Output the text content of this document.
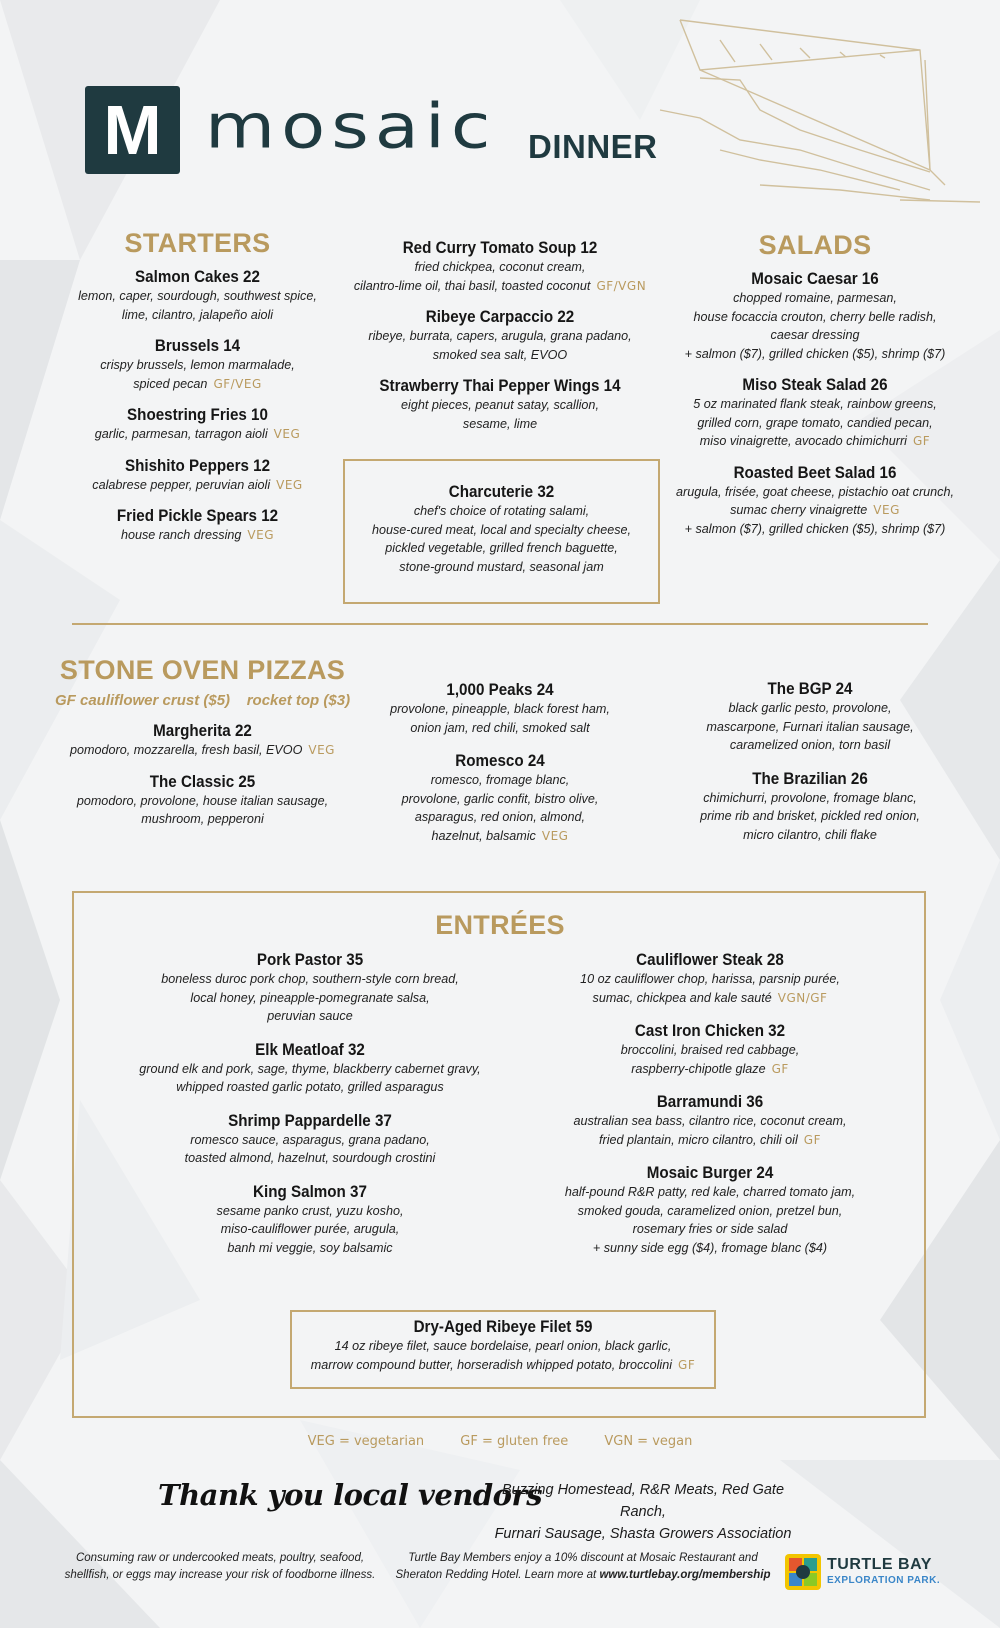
M mosaic DINNER
STARTERS
Salmon Cakes 22
lemon, caper, sourdough, southwest spice,
lime, cilantro, jalapeño aioli
Brussels 14
crispy brussels, lemon marmalade,
spiced pecan GF/VEG
Shoestring Fries 10
garlic, parmesan, tarragon aioli VEG
Shishito Peppers 12
calabrese pepper, peruvian aioli VEG
Fried Pickle Spears 12
house ranch dressing VEG
Red Curry Tomato Soup 12
fried chickpea, coconut cream,
cilantro-lime oil, thai basil, toasted coconut GF/VGN
Ribeye Carpaccio 22
ribeye, burrata, capers, arugula, grana padano,
smoked sea salt, EVOO
Strawberry Thai Pepper Wings 14
eight pieces, peanut satay, scallion,
sesame, lime
Charcuterie 32
chef's choice of rotating salami,
house-cured meat, local and specialty cheese,
pickled vegetable, grilled french baguette,
stone-ground mustard, seasonal jam
SALADS
Mosaic Caesar 16
chopped romaine, parmesan,
house focaccia crouton, cherry belle radish,
caesar dressing
+ salmon ($7), grilled chicken ($5), shrimp ($7)
Miso Steak Salad 26
5 oz marinated flank steak, rainbow greens,
grilled corn, grape tomato, candied pecan,
miso vinaigrette, avocado chimichurri GF
Roasted Beet Salad 16
arugula, frisée, goat cheese, pistachio oat crunch,
sumac cherry vinaigrette VEG
+ salmon ($7), grilled chicken ($5), shrimp ($7)
STONE OVEN PIZZAS
GF cauliflower crust ($5)    rocket top ($3)
Margherita 22
pomodoro, mozzarella, fresh basil, EVOO VEG
The Classic 25
pomodoro, provolone, house italian sausage,
mushroom, pepperoni
1,000 Peaks 24
provolone, pineapple, black forest ham,
onion jam, red chili, smoked salt
Romesco 24
romesco, fromage blanc,
provolone, garlic confit, bistro olive,
asparagus, red onion, almond,
hazelnut, balsamic VEG
The BGP 24
black garlic pesto, provolone,
mascarpone, Furnari italian sausage,
caramelized onion, torn basil
The Brazilian 26
chimichurri, provolone, fromage blanc,
prime rib and brisket, pickled red onion,
micro cilantro, chili flake
ENTRÉES
Pork Pastor 35
boneless duroc pork chop, southern-style corn bread,
local honey, pineapple-pomegranate salsa,
peruvian sauce
Elk Meatloaf 32
ground elk and pork, sage, thyme, blackberry cabernet gravy,
whipped roasted garlic potato, grilled asparagus
Shrimp Pappardelle 37
romesco sauce, asparagus, grana padano,
toasted almond, hazelnut, sourdough crostini
King Salmon 37
sesame panko crust, yuzu kosho,
miso-cauliflower purée, arugula,
banh mi veggie, soy balsamic
Cauliflower Steak 28
10 oz cauliflower chop, harissa, parsnip purée,
sumac, chickpea and kale sauté VGN/GF
Cast Iron Chicken 32
broccolini, braised red cabbage,
raspberry-chipotle glaze GF
Barramundi 36
australian sea bass, cilantro rice, coconut cream,
fried plantain, micro cilantro, chili oil GF
Mosaic Burger 24
half-pound R&R patty, red kale, charred tomato jam,
smoked gouda, caramelized onion, pretzel bun,
rosemary fries or side salad
+ sunny side egg ($4), fromage blanc ($4)
Dry-Aged Ribeye Filet 59
14 oz ribeye filet, sauce bordelaise, pearl onion, black garlic,
marrow compound butter, horseradish whipped potato, broccolini GF
VEG = vegetarian	GF = gluten free	VGN = vegan
Thank you local vendors
Buzzing Homestead, R&R Meats, Red Gate Ranch,
Furnari Sausage, Shasta Growers Association
Consuming raw or undercooked meats, poultry, seafood,
shellfish, or eggs may increase your risk of foodborne illness.
Turtle Bay Members enjoy a 10% discount at Mosaic Restaurant and
Sheraton Redding Hotel. Learn more at www.turtlebay.org/membership
TURTLE BAY
EXPLORATION PARK.
